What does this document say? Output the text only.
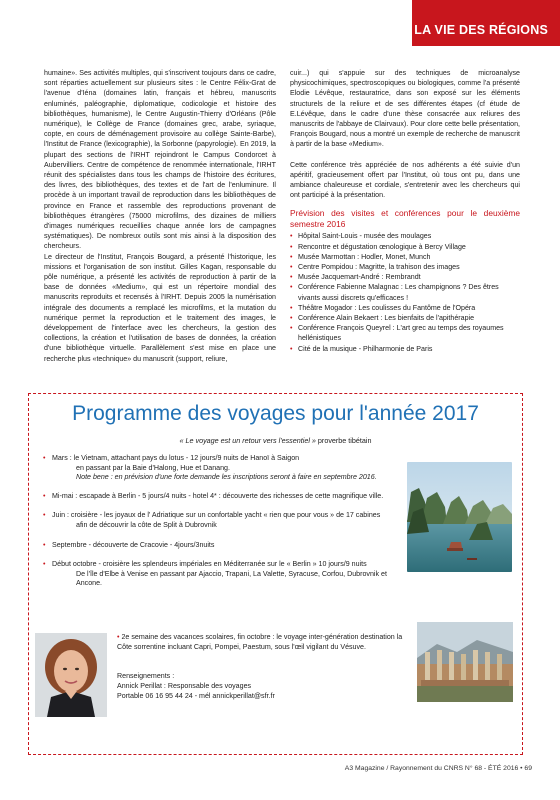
LA VIE DES RÉGIONS

humaine». Ses activités multiples, qui s'inscrivent toujours dans ce cadre, sont réparties actuellement sur plusieurs sites : le Centre Félix-Grat de l'avenue d'Iéna (domaines latin, français et hébreu, manuscrits enluminés, paléographie, diplomatique, codicologie et histoire des bibliothèques, humanisme), le Centre Augustin-Thierry d'Orléans (Pôle numérique), le Collège de France (domaines grec, arabe, syriaque, copte, en cours de déménagement provisoire au collège Sainte-Barbe), l'Institut de France (lexicographie), la Sorbonne (papyrologie). En 2019, la plupart des sections de l'IRHT rejoindront le Campus Condorcet à Aubervilliers. Centre de compétence de renommée internationale, l'IRHT réunit des spécialistes dans tous les champs de l'histoire des écritures, des livres, des bibliothèques, des textes et de l'art de l'enluminure. Il procède à un important travail de reproduction dans les bibliothèques de province en France et rassemble des reproductions provenant de bibliothèques étrangères (75000 microfilms, des dizaines de milliers d'images numériques recueillies chaque année lors de campagnes systématiques). De nombreux outils sont mis ainsi à la disposition des chercheurs.

Le directeur de l'Institut, François Bougard, a présenté l'historique, les missions et l'organisation de son institut. Gilles Kagan, responsable du pôle numérique, a présenté les activités de reproduction à partir de la base de données «Medium», qui est un répertoire mondial des manuscrits reproduits et recensés à l'IRHT. Depuis 2005 la numérisation intégrale des documents a remplacé les microfilms, et la mutation du numérique permet la reproduction et le traitement des images, le développement de l'interface avec les chercheurs, la gestion des collections, la création et l'utilisation de bases de données, la création d'une bibliothèque virtuelle. Parallèlement s'est mise en place une recherche plus «technique» du manuscrit (support, reliure,

cuir...) qui s'appuie sur des techniques de microanalyse physicochimiques, spectroscopiques ou biologiques, comme l'a présenté Elodie Lévêque, restauratrice, dans son exposé sur les éléments structurels de la reliure et de ses différentes étapes (cf étude de E.Lévêque, dans le cadre d'une thèse consacrée aux reliures des manuscrits de l'abbaye de Clairvaux). Pour clore cette belle présentation, François Bougard, nous a montré un exemple de recherche de manuscrit à partir de la base «Medium».

Cette conférence très appréciée de nos adhérents a été suivie d'un apéritif, gracieusement offert par l'Institut, où tous ont pu, dans une ambiance chaleureuse et cordiale, s'entretenir avec les chercheurs qui ont participé à la présentation.

Prévision des visites et conférences pour le deuxième semestre 2016
• Hôpital Saint-Louis - musée des moulages
• Rencontre et dégustation œnologique à Bercy Village
• Musée Marmottan : Hodler, Monet, Munch
• Centre Pompidou : Magritte, la trahison des images
• Musée Jacquemart-André : Rembrandt
• Conférence Fabienne Malagnac : Les champignons ? Des êtres vivants aussi discrets qu'efficaces !
• Théâtre Mogador : Les coulisses du Fantôme de l'Opéra
• Conférence Alain Bekaert : Les bienfaits de l'apithérapie
• Conférence François Queyrel : L'art grec au temps des royaumes hellénistiques
• Cité de la musique - Philharmonie de Paris
Programme des voyages pour l'année 2017
« Le voyage est un retour vers l'essentiel » proverbe tibétain
• Mars : le Vietnam, attachant pays du lotus - 12 jours/9 nuits de Hanoï à Saigon
en passant par la Baie d'Halong, Hue et Danang.
Note bene : en prévision d'une forte demande les inscriptions seront à faire en septembre 2016.
• Mi-mai : escapade à Berlin - 5 jours/4 nuits - hotel 4* : découverte des richesses de cette magnifique ville.
• Juin : croisière - les joyaux de l' Adriatique sur un confortable yacht « rien que pour vous » de 17 cabines
afin de découvrir la côte de Split à Dubrovnik
• Septembre - découverte de Cracovie - 4jours/3nuits
• Début octobre - croisière les splendeurs impériales en Méditerranée sur le « Berlin » 10 jours/9 nuits
De l'île d'Elbe à Venise en passant par Ajaccio, Trapani, La Valette, Syracuse, Corfou, Dubrovnik et Ancone.
• 2e semaine des vacances scolaires, fin octobre : le voyage inter-génération destination la Côte sorrentine incluant Capri, Pompei, Paestum, sous l'œil vigilant du Vésuve.
Renseignements :
Annick Perillat : Responsable des voyages
Portable 06 16 95 44 24 - mél annickperillat@sfr.fr
A3 Magazine / Rayonnement du CNRS N° 68 - ÉTÉ 2016 • 69
